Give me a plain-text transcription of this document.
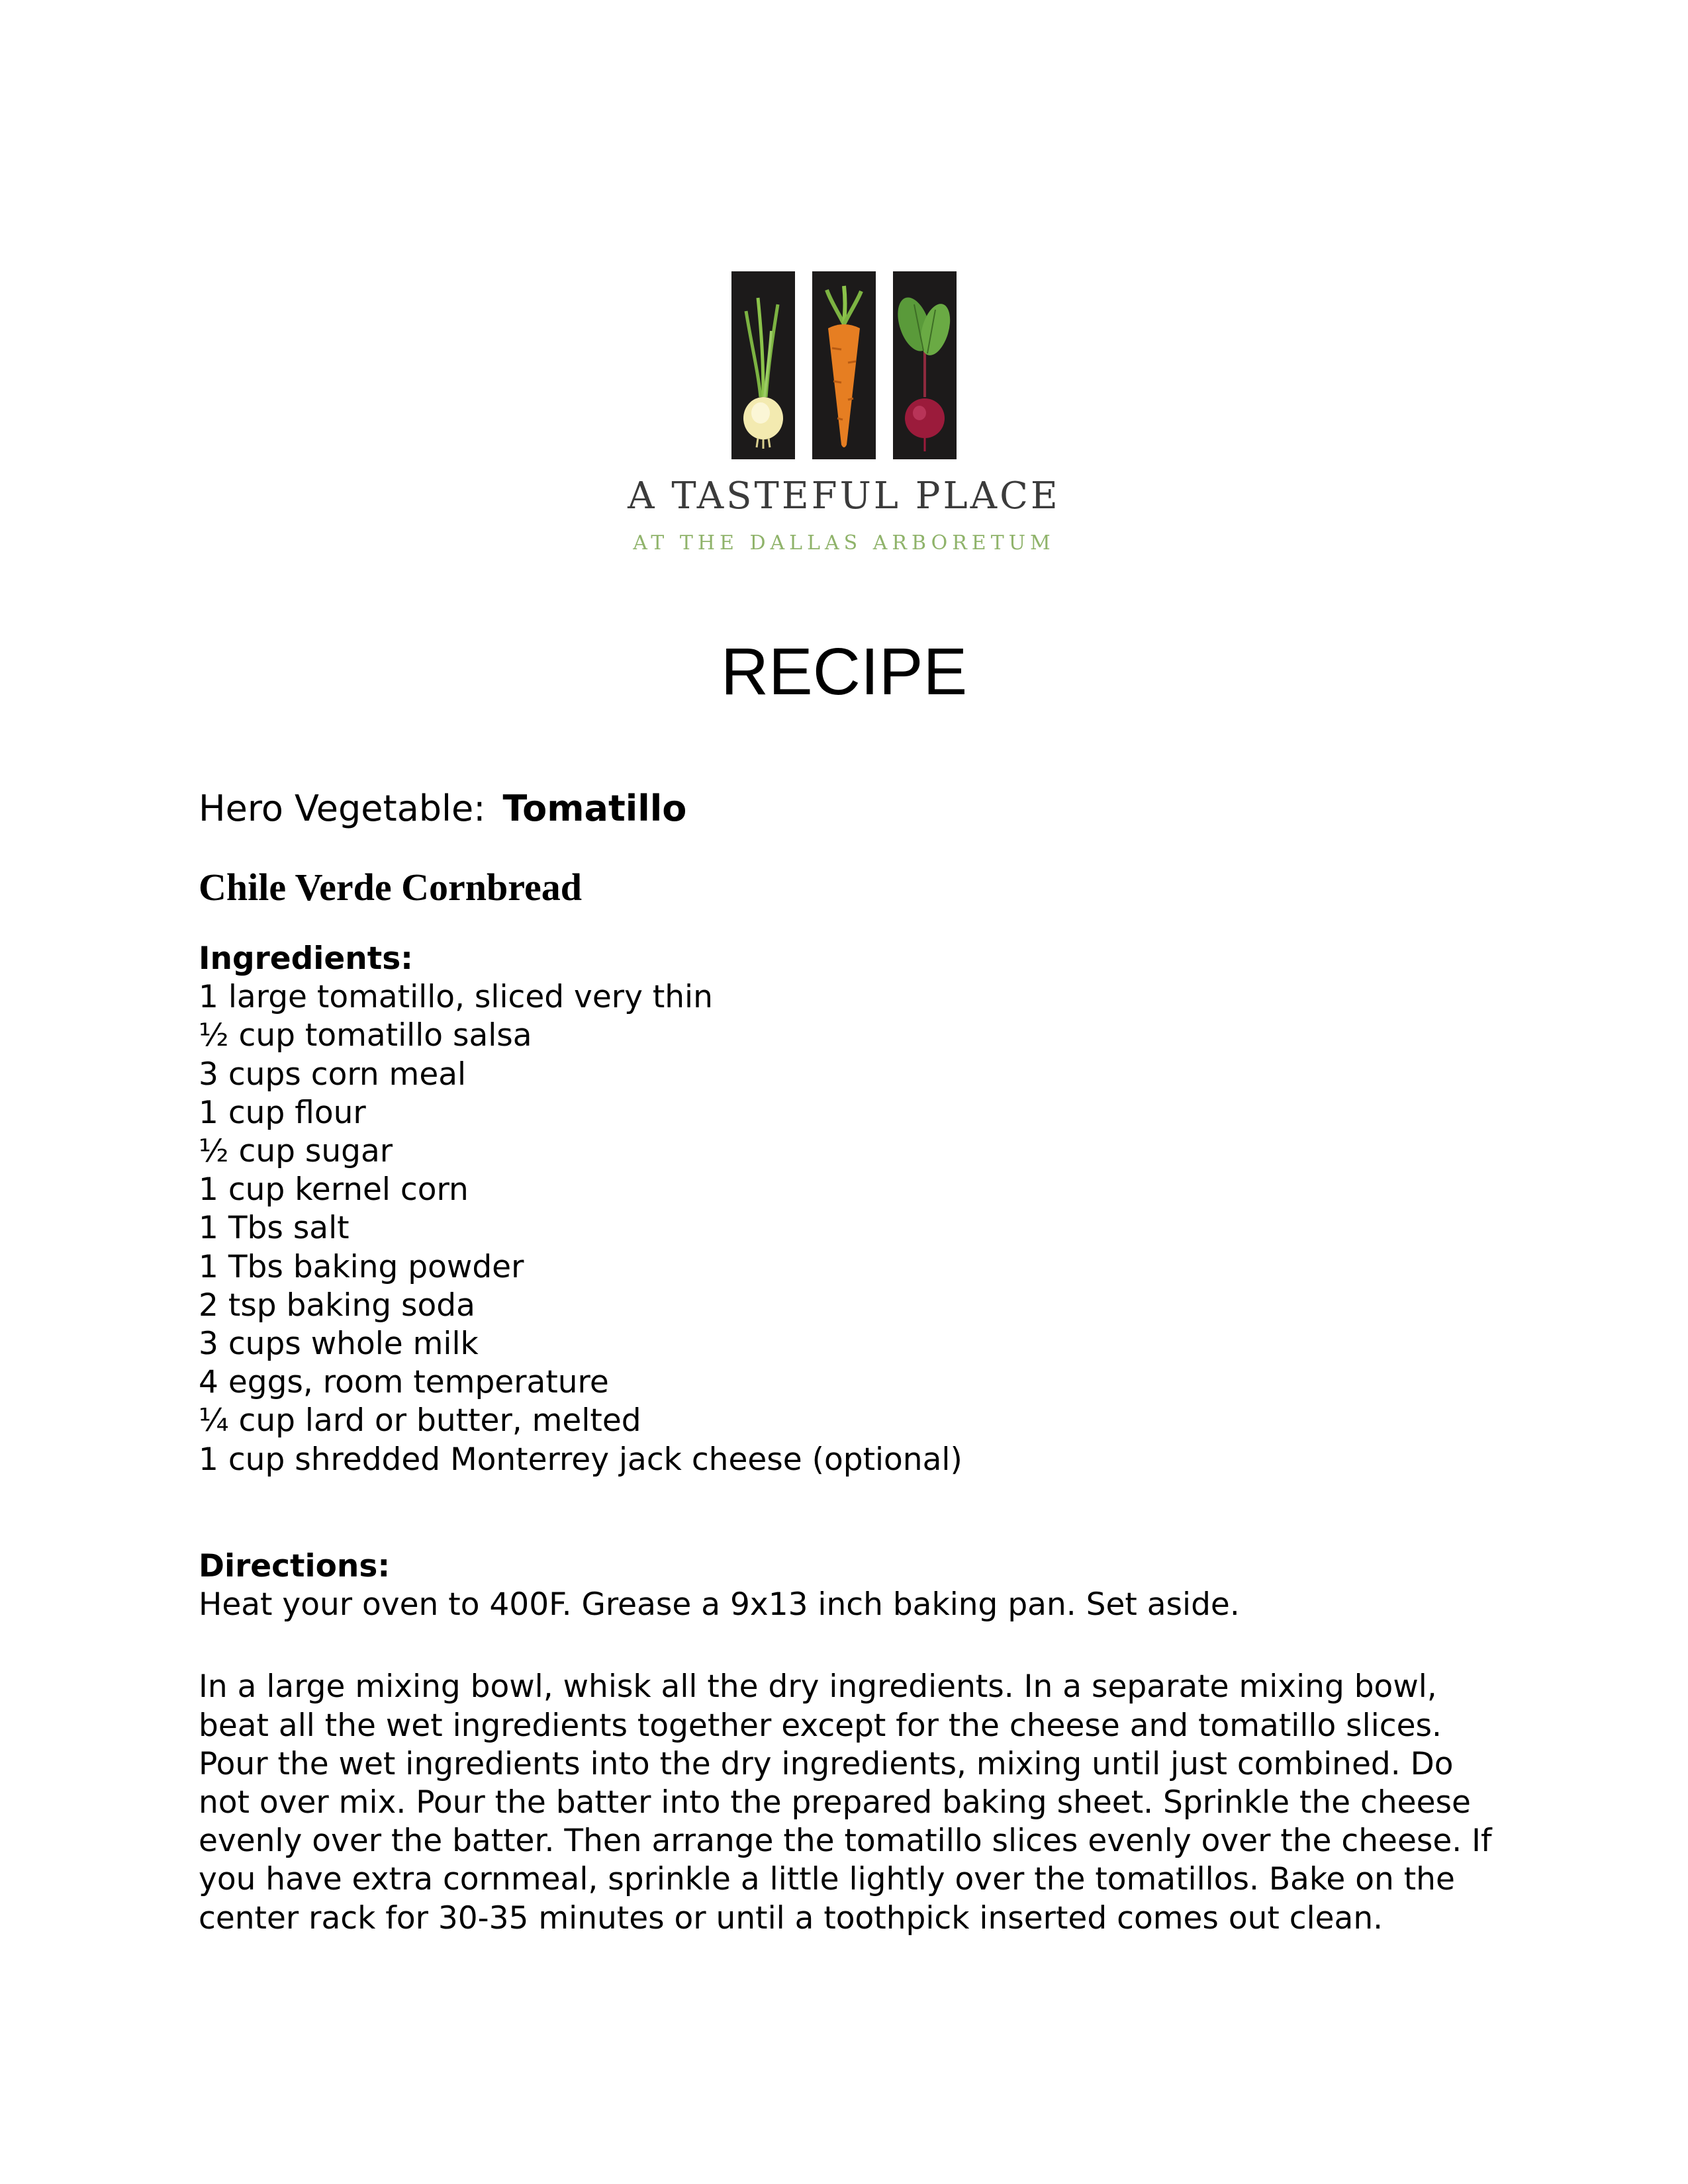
A TASTEFUL PLACE
AT THE DALLAS ARBORETUM
RECIPE
Hero Vegetable: Tomatillo
Chile Verde Cornbread
Ingredients:
1 large tomatillo, sliced very thin
½ cup tomatillo salsa
3 cups corn meal
1 cup flour
½ cup sugar
1 cup kernel corn
1 Tbs salt
1 Tbs baking powder
2 tsp baking soda
3 cups whole milk
4 eggs, room temperature
¼ cup lard or butter, melted
1 cup shredded Monterrey jack cheese (optional)
Directions:

Heat your oven to 400F. Grease a 9x13 inch baking pan. Set aside.

In a large mixing bowl, whisk all the dry ingredients. In a separate mixing bowl, beat all the wet ingredients together except for the cheese and tomatillo slices. Pour the wet ingredients into the dry ingredients, mixing until just combined. Do not over mix. Pour the batter into the prepared baking sheet. Sprinkle the cheese evenly over the batter. Then arrange the tomatillo slices evenly over the cheese. If you have extra cornmeal, sprinkle a little lightly over the tomatillos. Bake on the center rack for 30-35 minutes or until a toothpick inserted comes out clean.
